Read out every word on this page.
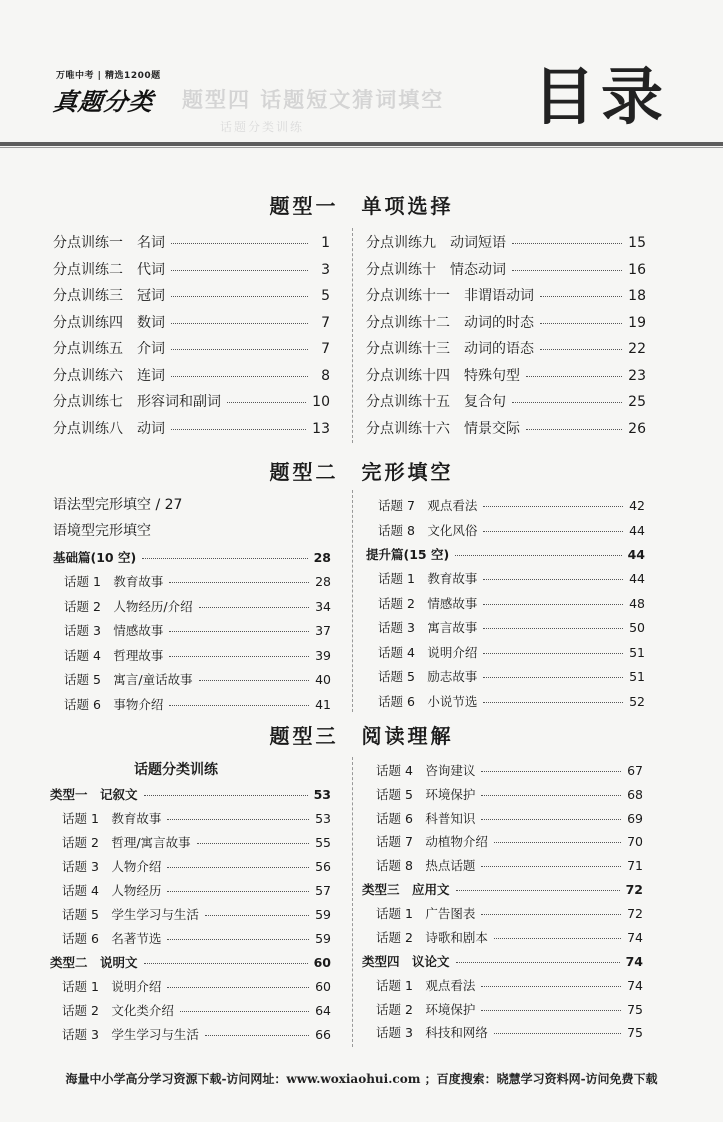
万唯中考 | 精选1200题
真题分类 题型四 话题短文猜词填空
话题分类训练	目录
题型一　单项选择
分点训练一　名词	1
分点训练二　代词	3
分点训练三　冠词	5
分点训练四　数词	7
分点训练五　介词	7
分点训练六　连词	8
分点训练七　形容词和副词	10
分点训练八　动词	13
分点训练九　动词短语	15
分点训练十　情态动词	16
分点训练十一　非谓语动词	18
分点训练十二　动词的时态	19
分点训练十三　动词的语态	22
分点训练十四　特殊句型	23
分点训练十五　复合句	25
分点训练十六　情景交际	26
题型二　完形填空
语法型完形填空 / 27
语境型完形填空
基础篇(10 空)	28
话题 1　教育故事	28
话题 2　人物经历/介绍	34
话题 3　情感故事	37
话题 4　哲理故事	39
话题 5　寓言/童话故事	40
话题 6　事物介绍	41
话题 7　观点看法	42
话题 8　文化风俗	44
提升篇(15 空)	44
话题 1　教育故事	44
话题 2　情感故事	48
话题 3　寓言故事	50
话题 4　说明介绍	51
话题 5　励志故事	51
话题 6　小说节选	52
题型三　阅读理解
话题分类训练
类型一　记叙文	53
话题 1　教育故事	53
话题 2　哲理/寓言故事	55
话题 3　人物介绍	56
话题 4　人物经历	57
话题 5　学生学习与生活	59
话题 6　名著节选	59
类型二　说明文	60
话题 1　说明介绍	60
话题 2　文化类介绍	64
话题 3　学生学习与生活	66
话题 4　咨询建议	67
话题 5　环境保护	68
话题 6　科普知识	69
话题 7　动植物介绍	70
话题 8　热点话题	71
类型三　应用文	72
话题 1　广告图表	72
话题 2　诗歌和剧本	74
类型四　议论文	74
话题 1　观点看法	74
话题 2　环境保护	75
话题 3　科技和网络	75
海量中小学高分学习资源下载-访问网址：www.woxiaohui.com ；百度搜索：晓慧学习资料网-访问免费下载
